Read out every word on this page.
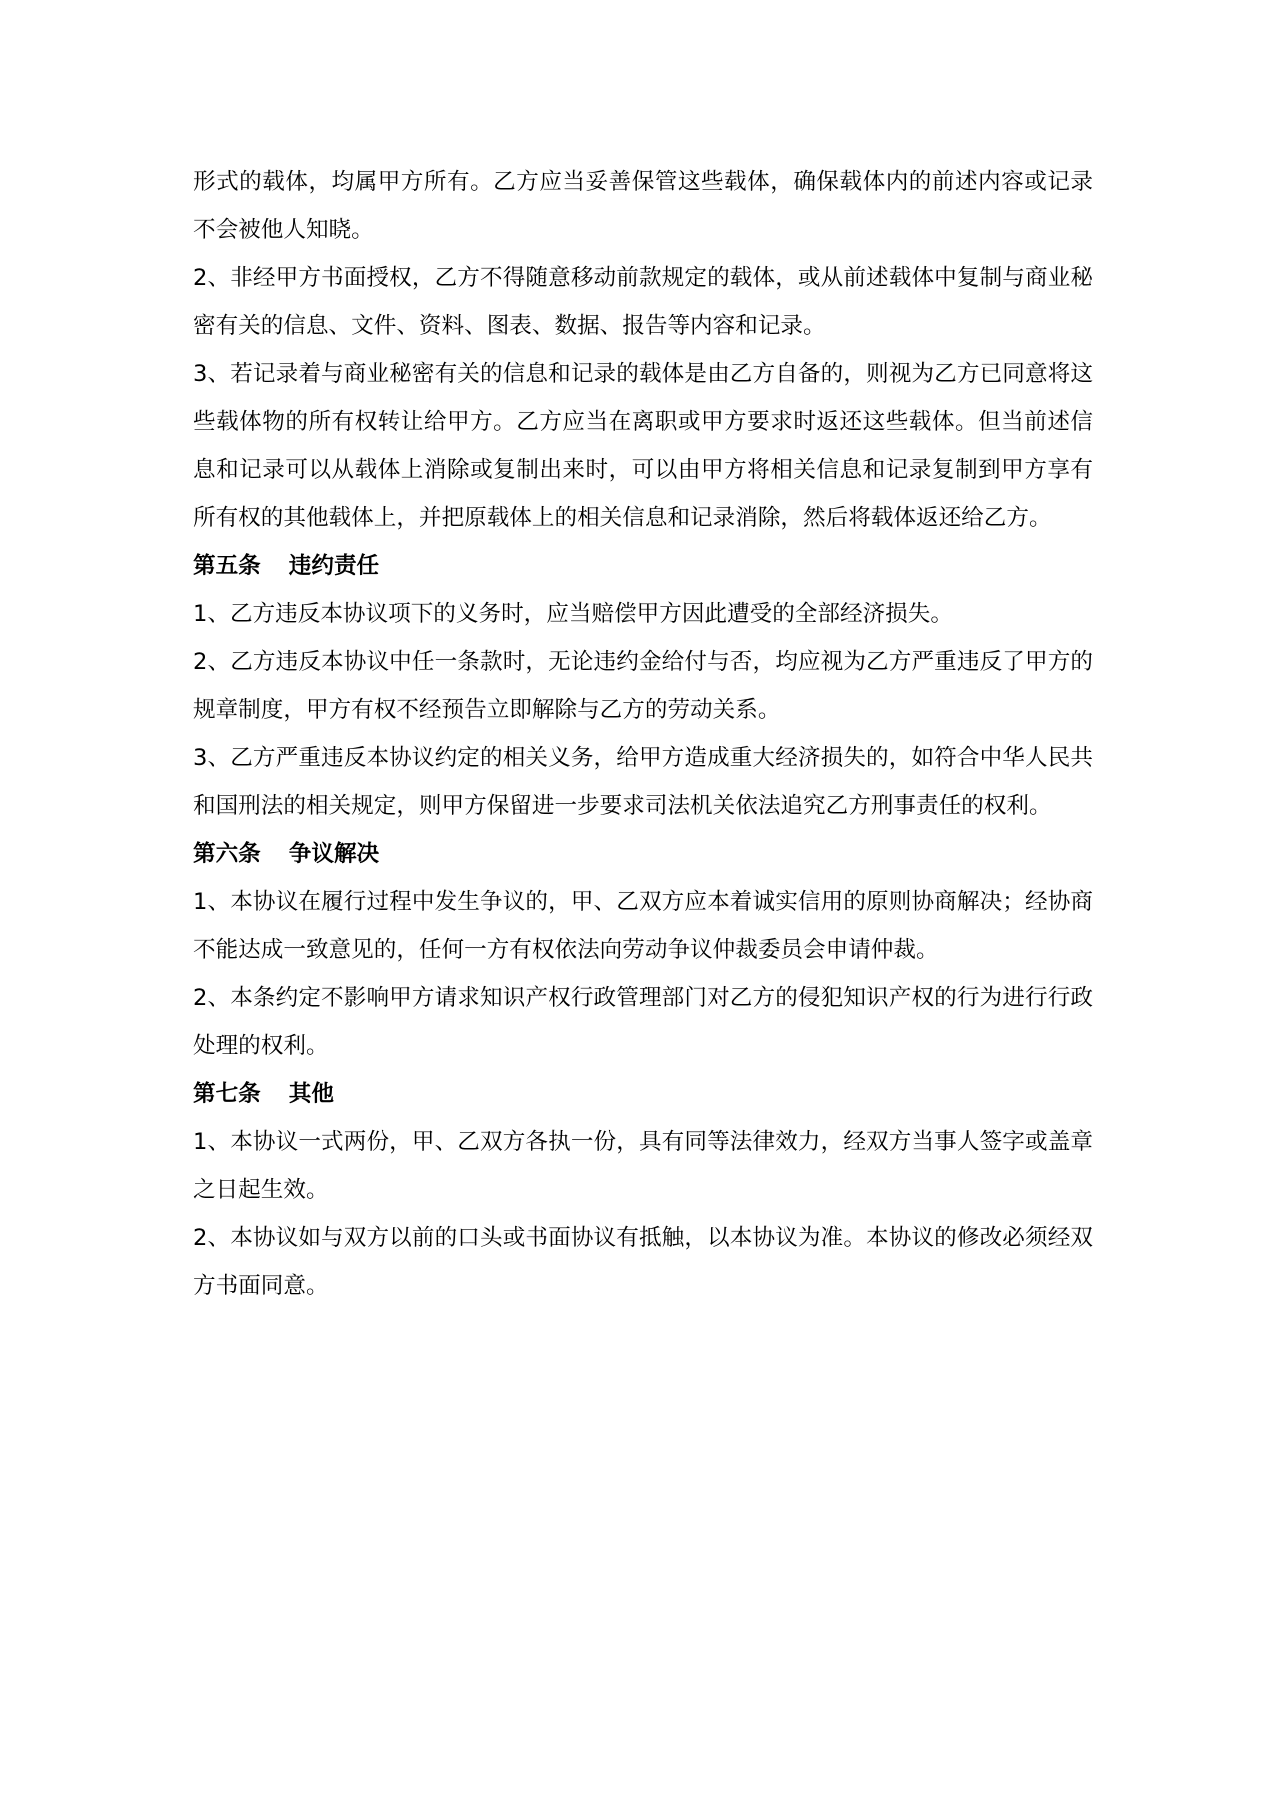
形式的载体，均属甲方所有。乙方应当妥善保管这些载体，确保载体内的前述内容或记录不会被他人知晓。

2、非经甲方书面授权，乙方不得随意移动前款规定的载体，或从前述载体中复制与商业秘密有关的信息、文件、资料、图表、数据、报告等内容和记录。

3、若记录着与商业秘密有关的信息和记录的载体是由乙方自备的，则视为乙方已同意将这些载体物的所有权转让给甲方。乙方应当在离职或甲方要求时返还这些载体。但当前述信息和记录可以从载体上消除或复制出来时，可以由甲方将相关信息和记录复制到甲方享有所有权的其他载体上，并把原载体上的相关信息和记录消除，然后将载体返还给乙方。

第五条 违约责任

1、乙方违反本协议项下的义务时，应当赔偿甲方因此遭受的全部经济损失。

2、乙方违反本协议中任一条款时，无论违约金给付与否，均应视为乙方严重违反了甲方的规章制度，甲方有权不经预告立即解除与乙方的劳动关系。

3、乙方严重违反本协议约定的相关义务，给甲方造成重大经济损失的，如符合中华人民共和国刑法的相关规定，则甲方保留进一步要求司法机关依法追究乙方刑事责任的权利。

第六条 争议解决

1、本协议在履行过程中发生争议的，甲、乙双方应本着诚实信用的原则协商解决；经协商不能达成一致意见的，任何一方有权依法向劳动争议仲裁委员会申请仲裁。

2、本条约定不影响甲方请求知识产权行政管理部门对乙方的侵犯知识产权的行为进行行政处理的权利。

第七条 其他

1、本协议一式两份，甲、乙双方各执一份，具有同等法律效力，经双方当事人签字或盖章之日起生效。

2、本协议如与双方以前的口头或书面协议有抵触，以本协议为准。本协议的修改必须经双方书面同意。
